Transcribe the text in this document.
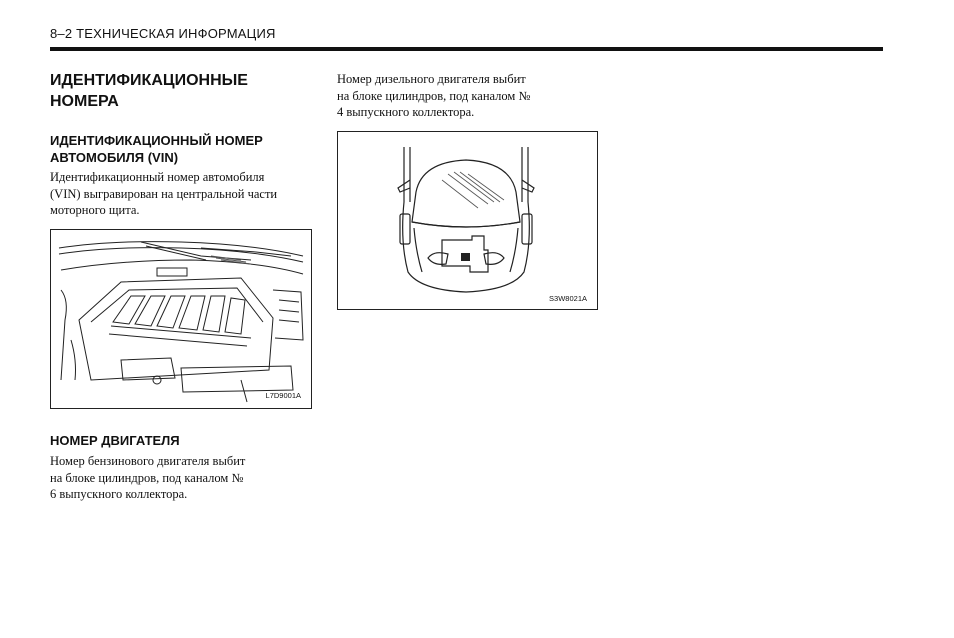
8–2 ТЕХНИЧЕСКАЯ ИНФОРМАЦИЯ
ИДЕНТИФИКАЦИОННЫЕ
НОМЕРА
ИДЕНТИФИКАЦИОННЫЙ НОМЕР
АВТОМОБИЛЯ (VIN)
Идентификационный номер автомобиля
(VIN) выгравирован на центральной части
моторного щита.
L7D9001A
НОМЕР ДВИГАТЕЛЯ
Номер бензинового двигателя выбит
на блоке цилиндров, под каналом №
6 выпускного коллектора.
Номер дизельного двигателя выбит
на блоке цилиндров, под каналом №
4 выпускного коллектора.
S3W8021A
